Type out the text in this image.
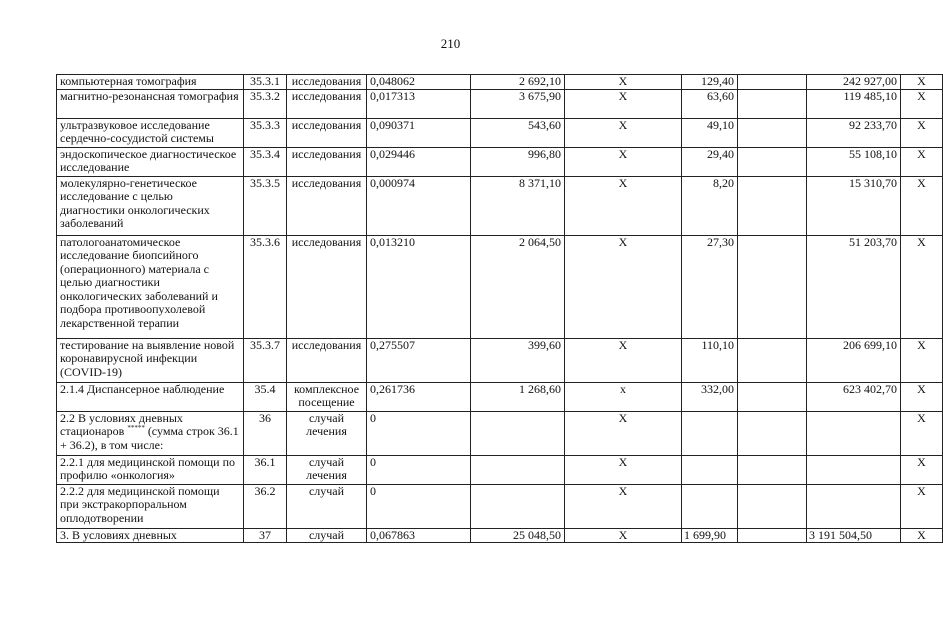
210
компьютерная томография	35.3.1	исследования	0,048062	2 692,10	X	129,40		242 927,00	X
магнитно-резонансная томография	35.3.2	исследования	0,017313	3 675,90	X	63,60		119 485,10	X
ультразвуковое исследование сердечно-сосудистой системы	35.3.3	исследования	0,090371	543,60	X	49,10		92 233,70	X
эндоскопическое диагностическое исследование	35.3.4	исследования	0,029446	996,80	X	29,40		55 108,10	X
молекулярно-генетическое исследование с целью диагностики онкологических заболеваний	35.3.5	исследования	0,000974	8 371,10	X	8,20		15 310,70	X
патологоанатомическое исследование биопсийного (операционного) материала с целью диагностики онкологических заболеваний и подбора противоопухолевой лекарственной терапии	35.3.6	исследования	0,013210	2 064,50	X	27,30		51 203,70	X
тестирование на выявление новой коронавирусной инфекции (COVID-19)	35.3.7	исследования	0,275507	399,60	X	110,10		206 699,10	X
2.1.4 Диспансерное наблюдение	35.4	комплексное посещение	0,261736	1 268,60	х	332,00		623 402,70	X
2.2 В условиях дневных стационаров ***** (сумма строк 36.1 + 36.2), в том числе:	36	случай лечения	0		X				X
2.2.1 для медицинской помощи по профилю «онкология»	36.1	случай лечения	0		X				X
2.2.2 для медицинской помощи при экстракорпоральном оплодотворении	36.2	случай	0		X				X
3. В условиях дневных	37	случай	0,067863	25 048,50	X	1 699,90		3 191 504,50	X
